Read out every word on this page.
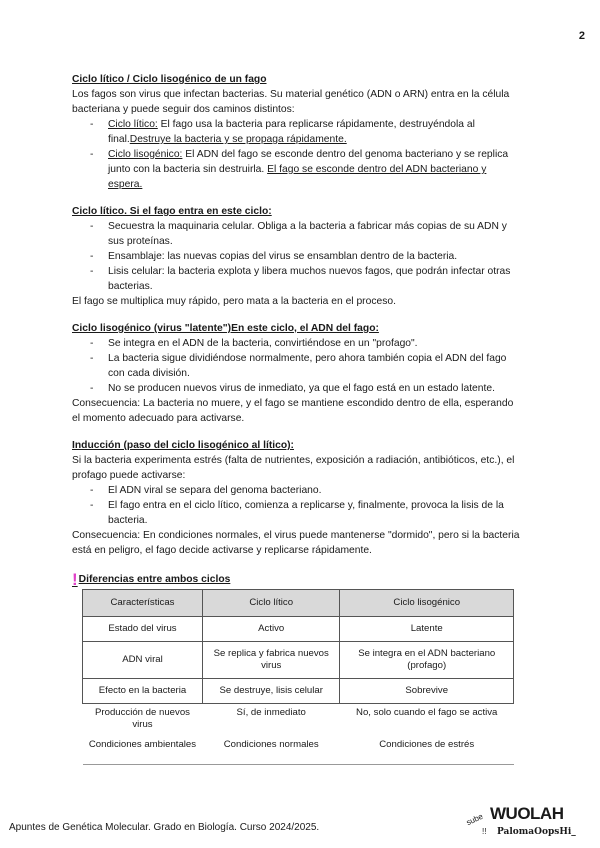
2
Ciclo lítico / Ciclo lisogénico de un fago
Los fagos son virus que infectan bacterias. Su material genético (ADN o ARN) entra en la célula bacteriana y puede seguir dos caminos distintos:
- Ciclo lítico: El fago usa la bacteria para replicarse rápidamente, destruyéndola al final.Destruye la bacteria y se propaga rápidamente.
- Ciclo lisogénico: El ADN del fago se esconde dentro del genoma bacteriano y se replica junto con la bacteria sin destruirla. El fago se esconde dentro del ADN bacteriano y espera.
Ciclo lítico. Si el fago entra en este ciclo:
- Secuestra la maquinaria celular. Obliga a la bacteria a fabricar más copias de su ADN y sus proteínas.
- Ensamblaje: las nuevas copias del virus se ensamblan dentro de la bacteria.
- Lisis celular: la bacteria explota y libera muchos nuevos fagos, que podrán infectar otras bacterias.
El fago se multiplica muy rápido, pero mata a la bacteria en el proceso.
Ciclo lisogénico (virus "latente")En este ciclo, el ADN del fago:
- Se integra en el ADN de la bacteria, convirtiéndose en un "profago".
- La bacteria sigue dividiéndose normalmente, pero ahora también copia el ADN del fago con cada división.
- No se producen nuevos virus de inmediato, ya que el fago está en un estado latente.
Consecuencia: La bacteria no muere, y el fago se mantiene escondido dentro de ella, esperando el momento adecuado para activarse.
Inducción (paso del ciclo lisogénico al lítico):
Si la bacteria experimenta estrés (falta de nutrientes, exposición a radiación, antibióticos, etc.), el profago puede activarse:
- El ADN viral se separa del genoma bacteriano.
- El fago entra en el ciclo lítico, comienza a replicarse y, finalmente, provoca la lisis de la bacteria.
Consecuencia: En condiciones normales, el virus puede mantenerse "dormido", pero si la bacteria está en peligro, el fago decide activarse y replicarse rápidamente.
! Diferencias entre ambos ciclos
Características	Ciclo lítico	Ciclo lisogénico
Estado del virus	Activo	Latente
ADN viral	Se replica y fabrica nuevos virus	Se integra en el ADN bacteriano (profago)
Efecto en la bacteria	Se destruye, lisis celular	Sobrevive
Producción de nuevos virus	Sí, de inmediato	No, solo cuando el fago se activa
Condiciones ambientales	Condiciones normales	Condiciones de estrés
Apuntes de Genética Molecular. Grado en Biología. Curso 2024/2025.
WUOLAH
sube
!! PalomaOopsHi_
